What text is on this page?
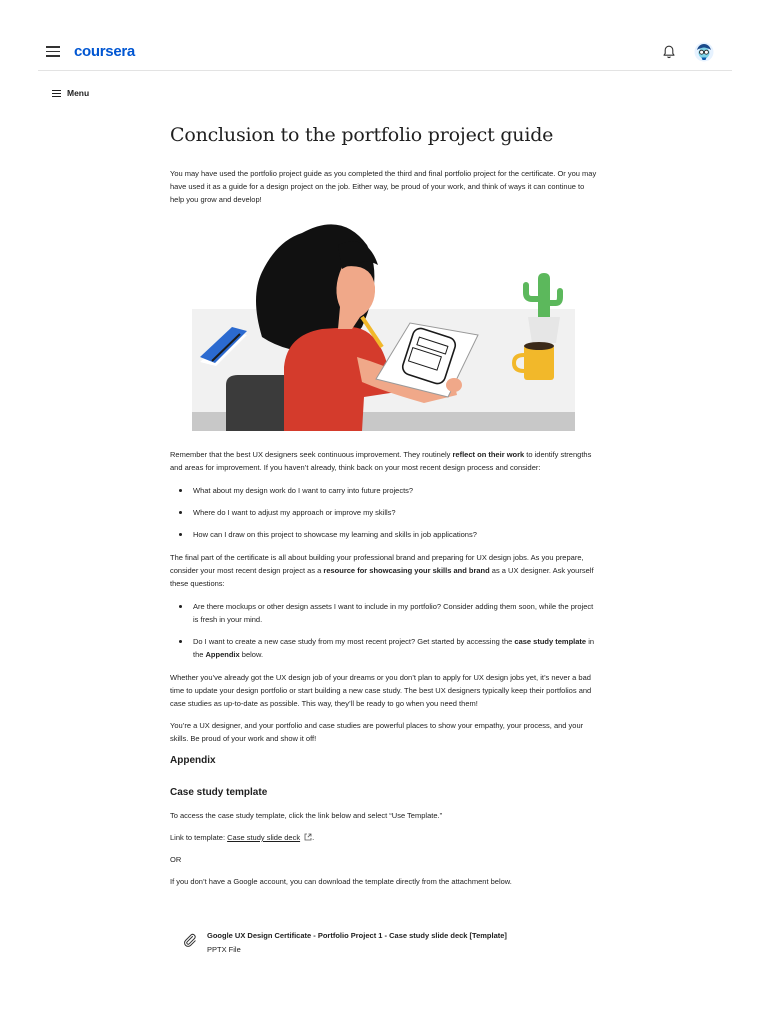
coursera
Menu
Conclusion to the portfolio project guide

You may have used the portfolio project guide as you completed the third and final portfolio project for the certificate. Or you may have used it as a guide for a design project on the job. Either way, be proud of your work, and think of ways it can continue to help you grow and develop!

Remember that the best UX designers seek continuous improvement. They routinely reflect on their work to identify strengths and areas for improvement. If you haven’t already, think back on your most recent design process and consider:

What about my design work do I want to carry into future projects?
Where do I want to adjust my approach or improve my skills?
How can I draw on this project to showcase my learning and skills in job applications?

The final part of the certificate is all about building your professional brand and preparing for UX design jobs. As you prepare, consider your most recent design project as a resource for showcasing your skills and brand as a UX designer. Ask yourself these questions:

Are there mockups or other design assets I want to include in my portfolio? Consider adding them soon, while the project is fresh in your mind.
Do I want to create a new case study from my most recent project? Get started by accessing the case study template in the Appendix below.

Whether you’ve already got the UX design job of your dreams or you don’t plan to apply for UX design jobs yet, it’s never a bad time to update your design portfolio or start building a new case study. The best UX designers typically keep their portfolios and case studies as up-to-date as possible. This way, they’ll be ready to go when you need them!

You’re a UX designer, and your portfolio and case studies are powerful places to show your empathy, your process, and your skills. Be proud of your work and show it off!

Appendix
Case study template

To access the case study template, click the link below and select “Use Template.”

Link to template: Case study slide deck .

OR

If you don’t have a Google account, you can download the template directly from the attachment below.

Google UX Design Certificate - Portfolio Project 1 - Case study slide deck [Template]
PPTX File
